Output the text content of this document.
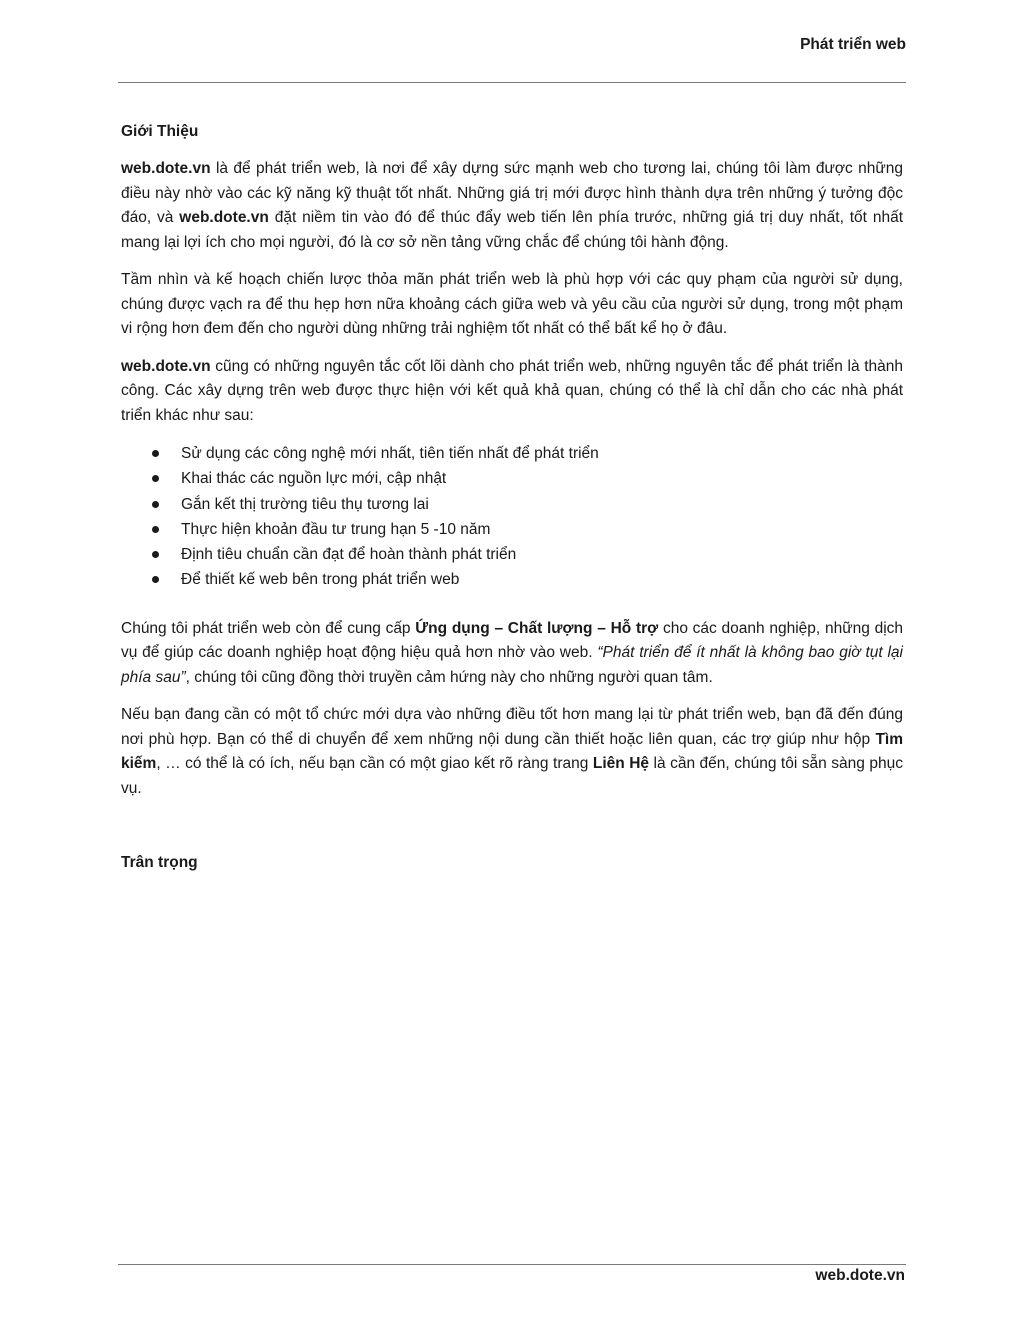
Phát triển web
Giới Thiệu

web.dote.vn là để phát triển web, là nơi để xây dựng sức mạnh web cho tương lai, chúng tôi làm được những điều này nhờ vào các kỹ năng kỹ thuật tốt nhất. Những giá trị mới được hình thành dựa trên những ý tưởng độc đáo, và web.dote.vn đặt niềm tin vào đó để thúc đẩy web tiến lên phía trước, những giá trị duy nhất, tốt nhất mang lại lợi ích cho mọi người, đó là cơ sở nền tảng vững chắc để chúng tôi hành động.

Tầm nhìn và kế hoạch chiến lược thỏa mãn phát triển web là phù hợp với các quy phạm của người sử dụng, chúng được vạch ra để thu hẹp hơn nữa khoảng cách giữa web và yêu cầu của người sử dụng, trong một phạm vi rộng hơn đem đến cho người dùng những trải nghiệm tốt nhất có thể bất kể họ ở đâu.

web.dote.vn cũng có những nguyên tắc cốt lõi dành cho phát triển web, những nguyên tắc để phát triển là thành công. Các xây dựng trên web được thực hiện với kết quả khả quan, chúng có thể là chỉ dẫn cho các nhà phát triển khác như sau:

Sử dụng các công nghệ mới nhất, tiên tiến nhất để phát triển
Khai thác các nguồn lực mới, cập nhật
Gắn kết thị trường tiêu thụ tương lai
Thực hiện khoản đầu tư trung hạn 5 -10 năm
Định tiêu chuẩn cần đạt để hoàn thành phát triển
Để thiết kế web bên trong phát triển web

Chúng tôi phát triển web còn để cung cấp Ứng dụng – Chất lượng – Hỗ trợ cho các doanh nghiệp, những dịch vụ để giúp các doanh nghiệp hoạt động hiệu quả hơn nhờ vào web. “Phát triển để ít nhất là không bao giờ tụt lại phía sau”, chúng tôi cũng đồng thời truyền cảm hứng này cho những người quan tâm.

Nếu bạn đang cần có một tổ chức mới dựa vào những điều tốt hơn mang lại từ phát triển web, bạn đã đến đúng nơi phù hợp. Bạn có thể di chuyển để xem những nội dung cần thiết hoặc liên quan, các trợ giúp như hộp Tìm kiếm, … có thể là có ích, nếu bạn cần có một giao kết rõ ràng trang Liên Hệ là cần đến, chúng tôi sẵn sàng phục vụ.

Trân trọng
web.dote.vn
